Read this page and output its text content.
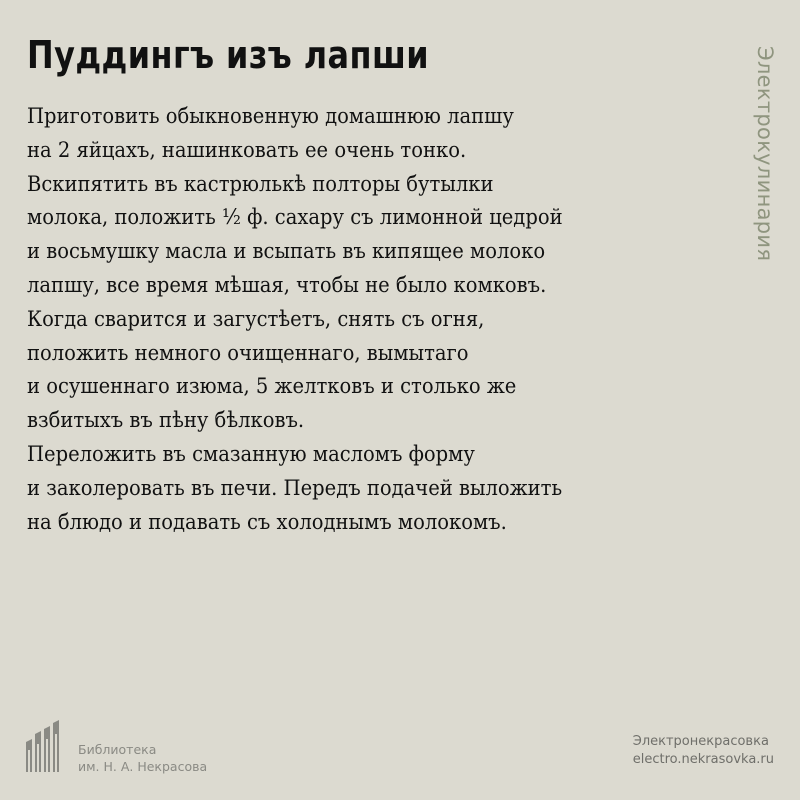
Пуддингъ изъ лапши
Приготовить обыкновенную домашнюю лапшу
на 2 яйцахъ, нашинковать ее очень тонко.
Вскипятить въ кастрюлькѣ полторы бутылки
молока, положить ½ ф. сахару съ лимонной цедрой
и восьмушку масла и всыпать въ кипящее молоко
лапшу, все время мѣшая, чтобы не было комковъ.
Когда сварится и загустѣетъ, снять съ огня,
положить немного очищеннаго, вымытаго
и осушеннаго изюма, 5 желтковъ и столько же
взбитыхъ въ пѣну бѣлковъ.
Переложить въ смазанную масломъ форму
и заколеровать въ печи. Передъ подачей выложить
на блюдо и подавать съ холоднымъ молокомъ.
Электрокулинария
Библиотека
им. Н. А. Некрасова
Электронекрасовка
electro.nekrasovka.ru
